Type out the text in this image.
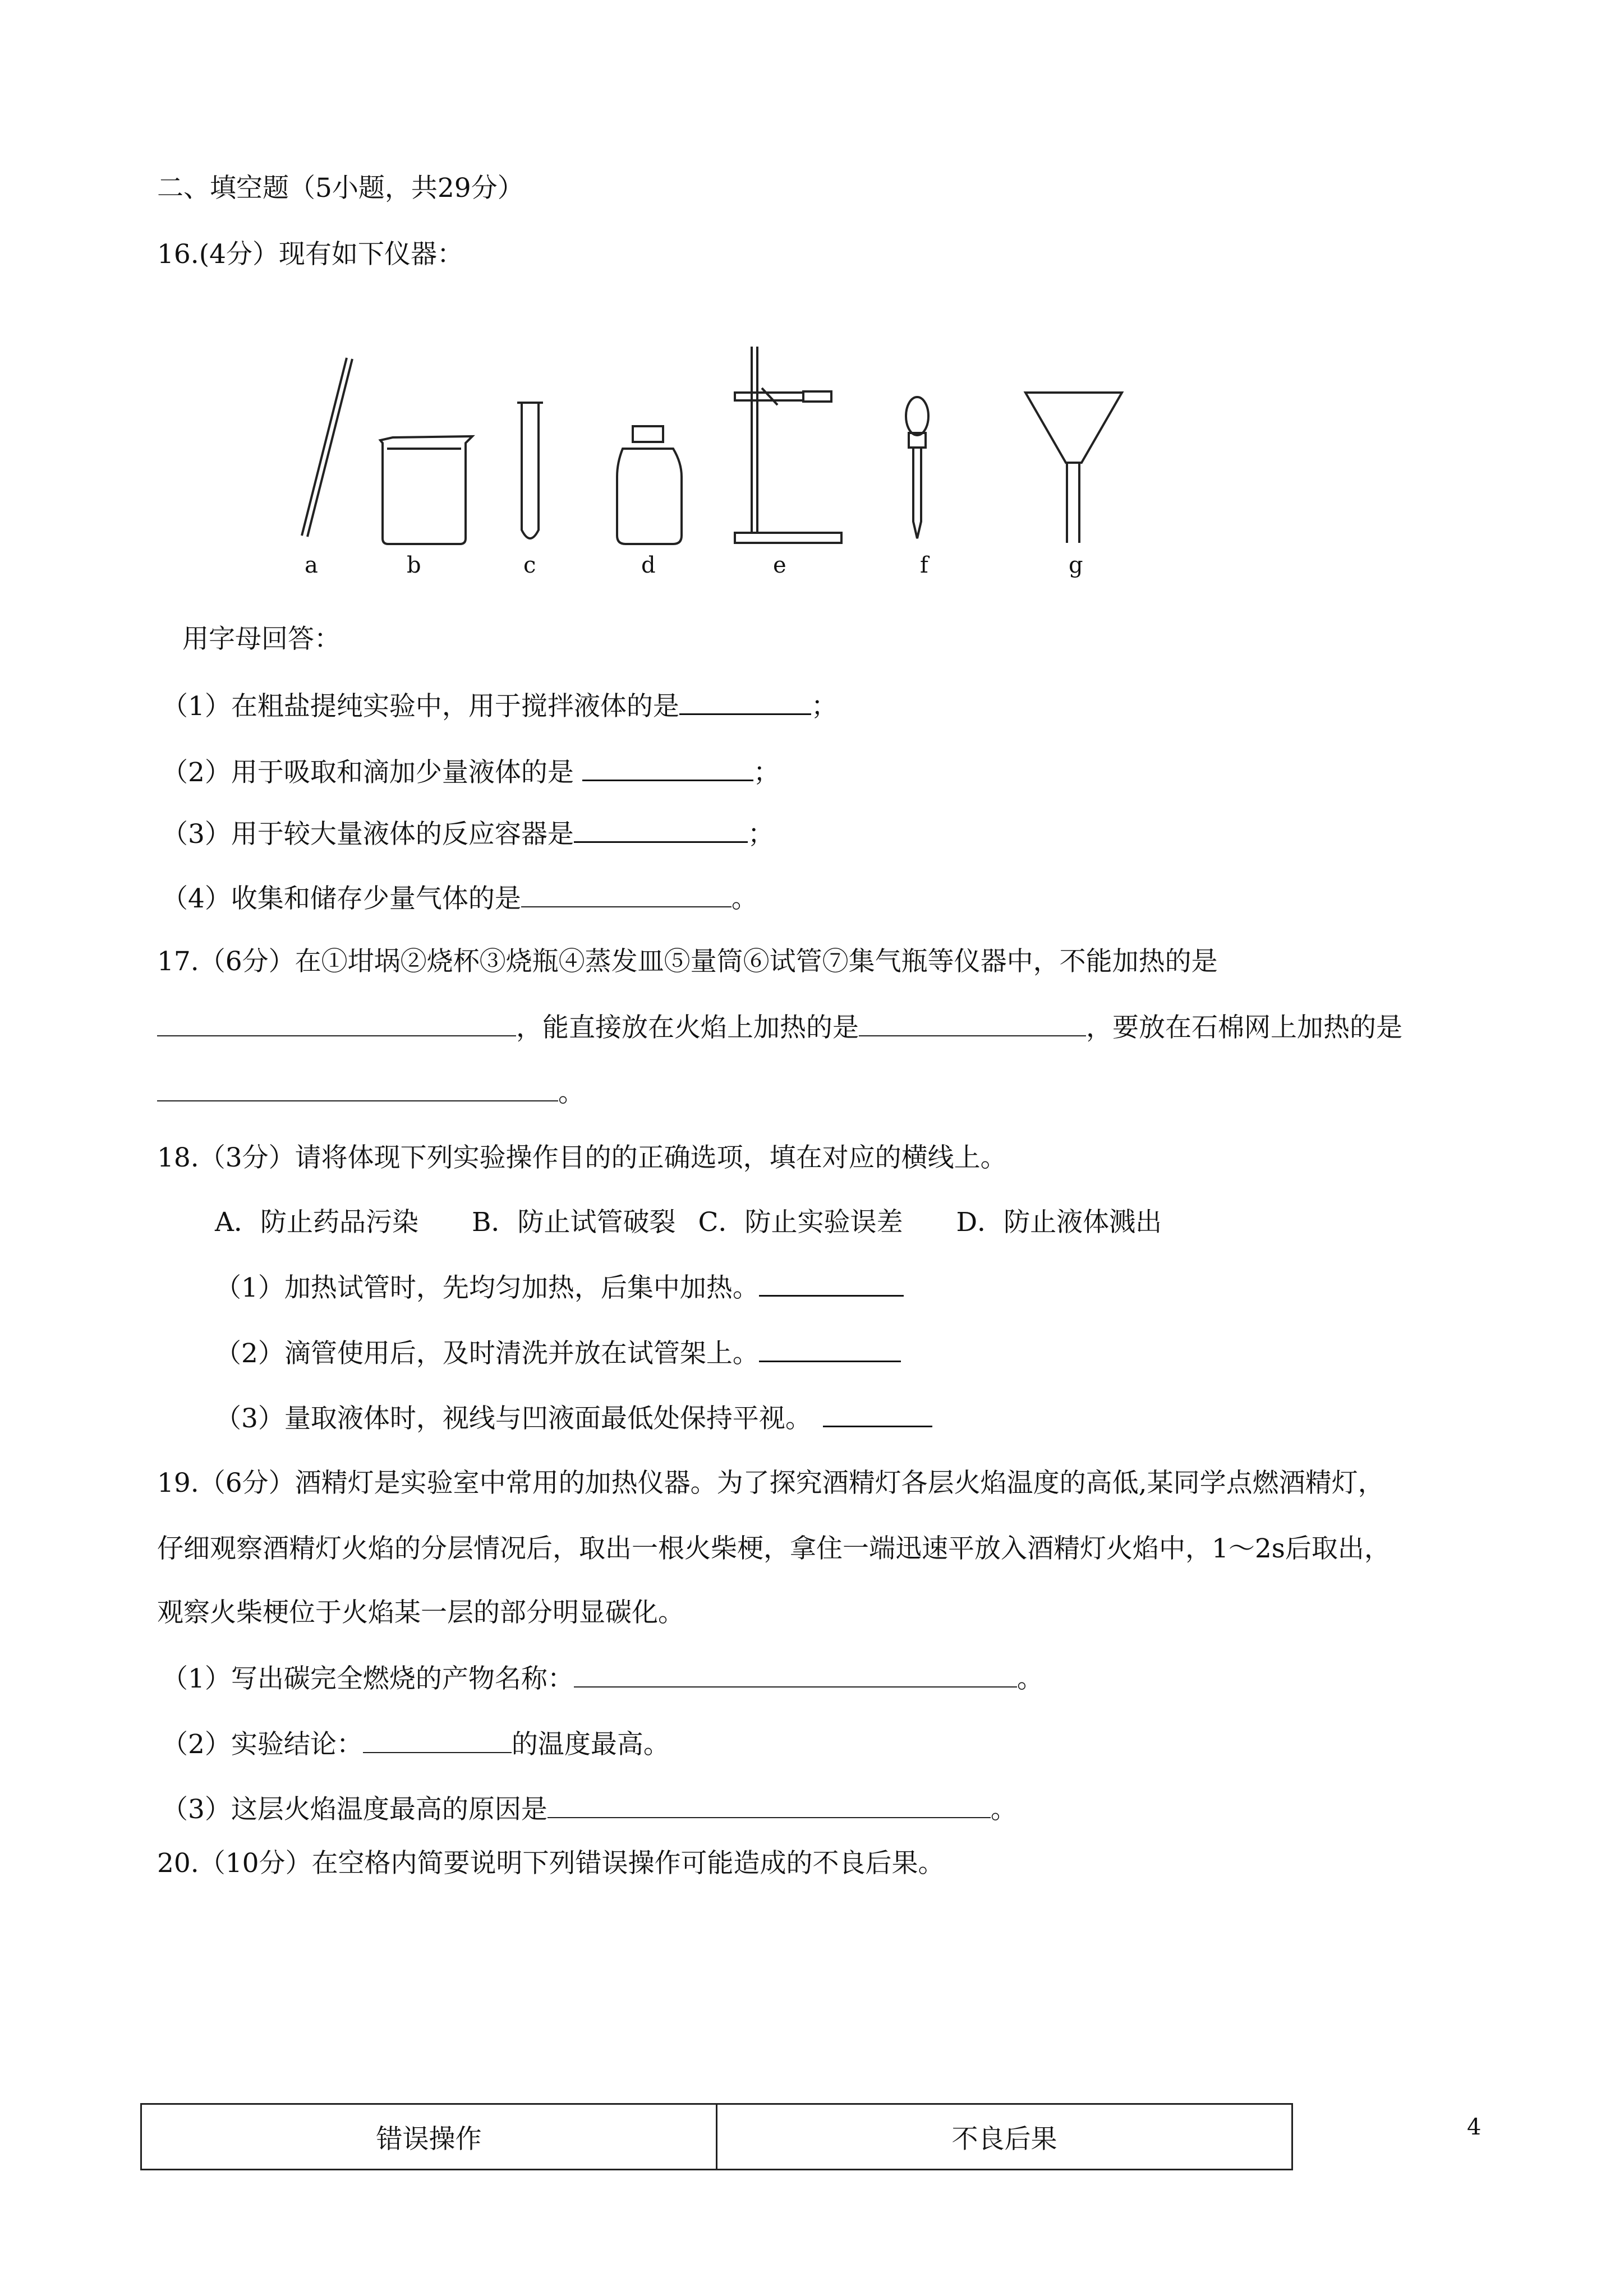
二、填空题（5小题，共29分）
16.(4分）现有如下仪器：
a	b	c	d	e	f	g
用字母回答：
（1）在粗盐提纯实验中，用于搅拌液体的是	；
（2）用于吸取和滴加少量液体的是	；
（3）用于较大量液体的反应容器是	；
（4）收集和储存少量气体的是	。
17.（6分）在①坩埚②烧杯③烧瓶④蒸发皿⑤量筒⑥试管⑦集气瓶等仪器中，不能加热的是
，能直接放在火焰上加热的是	，要放在石棉网上加热的是
。
18.（3分）请将体现下列实验操作目的的正确选项，填在对应的横线上。
A．防止药品污染 B．防止试管破裂 C．防止实验误差 D．防止液体溅出
（1）加热试管时，先均匀加热，后集中加热。
（2）滴管使用后，及时清洗并放在试管架上。
（3）量取液体时，视线与凹液面最低处保持平视。
19.（6分）酒精灯是实验室中常用的加热仪器。为了探究酒精灯各层火焰温度的高低,某同学点燃酒精灯，
仔细观察酒精灯火焰的分层情况后，取出一根火柴梗，拿住一端迅速平放入酒精灯火焰中，1～2s后取出，
观察火柴梗位于火焰某一层的部分明显碳化。
（1）写出碳完全燃烧的产物名称：	。
（2）实验结论：	的温度最高。
（3）这层火焰温度最高的原因是	。
20.（10分）在空格内简要说明下列错误操作可能造成的不良后果。
错误操作	不良后果	4
